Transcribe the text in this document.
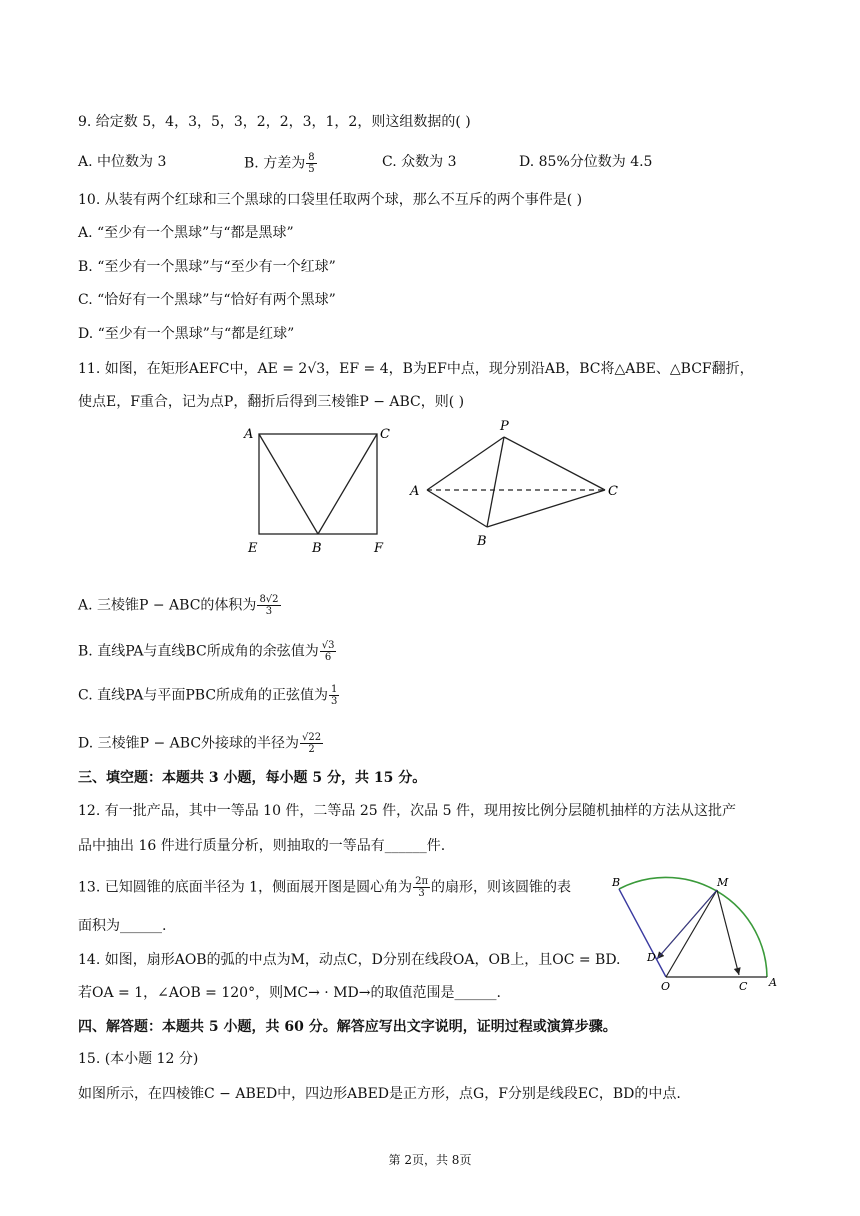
9. 给定数 5，4，3，5，3，2，2，3，1，2，则这组数据的( )
A. 中位数为 3	B. 方差为 $\frac{8}{5}$	C. 众数为 3	D. 85%分位数为 4.5
10. 从装有两个红球和三个黑球的口袋里任取两个球，那么不互斥的两个事件是( )
A. “至少有一个黑球”与“都是黑球”
B. “至少有一个黑球”与“至少有一个红球”
C. “恰好有一个黑球”与“恰好有两个黑球”
D. “至少有一个黑球”与“都是红球”
11. 如图，在矩形AEFC中，AE = 2√3，EF = 4，B为EF中点，现分别沿AB，BC将△ABE、△BCF翻折，
使点E，F重合，记为点P，翻折后得到三棱锥P − ABC，则( )
A	C
E	B	F
P
A	C
B
A. 三棱锥P − ABC的体积为 $\frac{8√2}{3}$
B. 直线PA与直线BC所成角的余弦值为 $\frac{√3}{6}$
C. 直线PA与平面PBC所成角的正弦值为 $\frac{1}{3}$
D. 三棱锥P − ABC外接球的半径为 $\frac{√22}{2}$
三、填空题：本题共 3 小题，每小题 5 分，共 15 分。
12. 有一批产品，其中一等品 10 件，二等品 25 件，次品 5 件，现用按比例分层随机抽样的方法从这批产
品中抽出 16 件进行质量分析，则抽取的一等品有______件.
13. 已知圆锥的底面半径为 1，侧面展开图是圆心角为 $\frac{2\pi}{3}$ 的扇形，则该圆锥的表
面积为______.
14. 如图，扇形AOB的弧的中点为M，动点C，D分别在线段OA，OB上，且OC = BD.
若OA = 1，∠AOB = 120°，则MC→ · MD→的取值范围是______.
B	M
D
O	C A
四、解答题：本题共 5 小题，共 60 分。解答应写出文字说明，证明过程或演算步骤。
15. (本小题 12 分)
如图所示，在四棱锥C − ABED中，四边形ABED是正方形，点G，F分别是线段EC，BD的中点.
第 2页，共 8页
